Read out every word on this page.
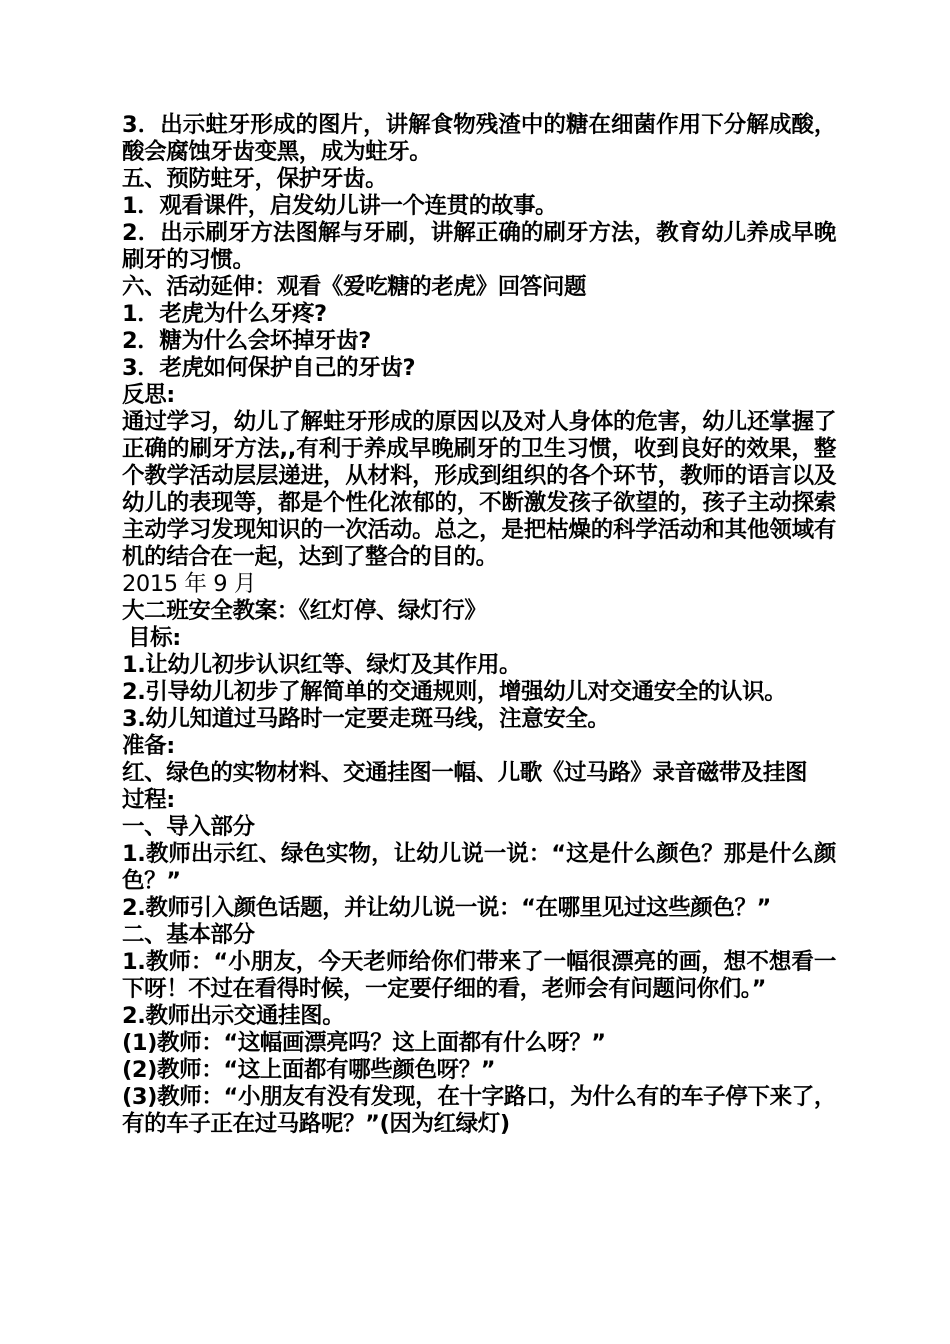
3．出示蛀牙形成的图片，讲解食物残渣中的糖在细菌作用下分解成酸，酸会腐蚀牙齿变黑，成为蛀牙。
五、预防蛀牙，保护牙齿。
1．观看课件，启发幼儿讲一个连贯的故事。
2．出示刷牙方法图解与牙刷，讲解正确的刷牙方法，教育幼儿养成早晚刷牙的习惯。
六、活动延伸：观看《爱吃糖的老虎》回答问题
1．老虎为什么牙疼?
2．糖为什么会坏掉牙齿?
3．老虎如何保护自己的牙齿?
反思:
通过学习，幼儿了解蛀牙形成的原因以及对人身体的危害，幼儿还掌握了正确的刷牙方法,,有利于养成早晚刷牙的卫生习惯，收到良好的效果，整个教学活动层层递进，从材料，形成到组织的各个环节，教师的语言以及幼儿的表现等，都是个性化浓郁的，不断激发孩子欲望的，孩子主动探索主动学习发现知识的一次活动。总之，是把枯燥的科学活动和其他领域有机的结合在一起，达到了整合的目的。
2015 年 9 月
大二班安全教案：《红灯停、绿灯行》
目标:
1.让幼儿初步认识红等、绿灯及其作用。
2.引导幼儿初步了解简单的交通规则，增强幼儿对交通安全的认识。
3.幼儿知道过马路时一定要走斑马线，注意安全。
准备:
红、绿色的实物材料、交通挂图一幅、儿歌《过马路》录音磁带及挂图
过程:
一、导入部分
1.教师出示红、绿色实物，让幼儿说一说：“这是什么颜色？那是什么颜色？”
2.教师引入颜色话题，并让幼儿说一说：“在哪里见过这些颜色？”
二、基本部分
1.教师：“小朋友，今天老师给你们带来了一幅很漂亮的画，想不想看一下呀！不过在看得时候，一定要仔细的看，老师会有问题问你们。”
2.教师出示交通挂图。
(1)教师：“这幅画漂亮吗？这上面都有什么呀？”
(2)教师：“这上面都有哪些颜色呀？”
(3)教师：“小朋友有没有发现，在十字路口，为什么有的车子停下来了，有的车子正在过马路呢？”(因为红绿灯)
